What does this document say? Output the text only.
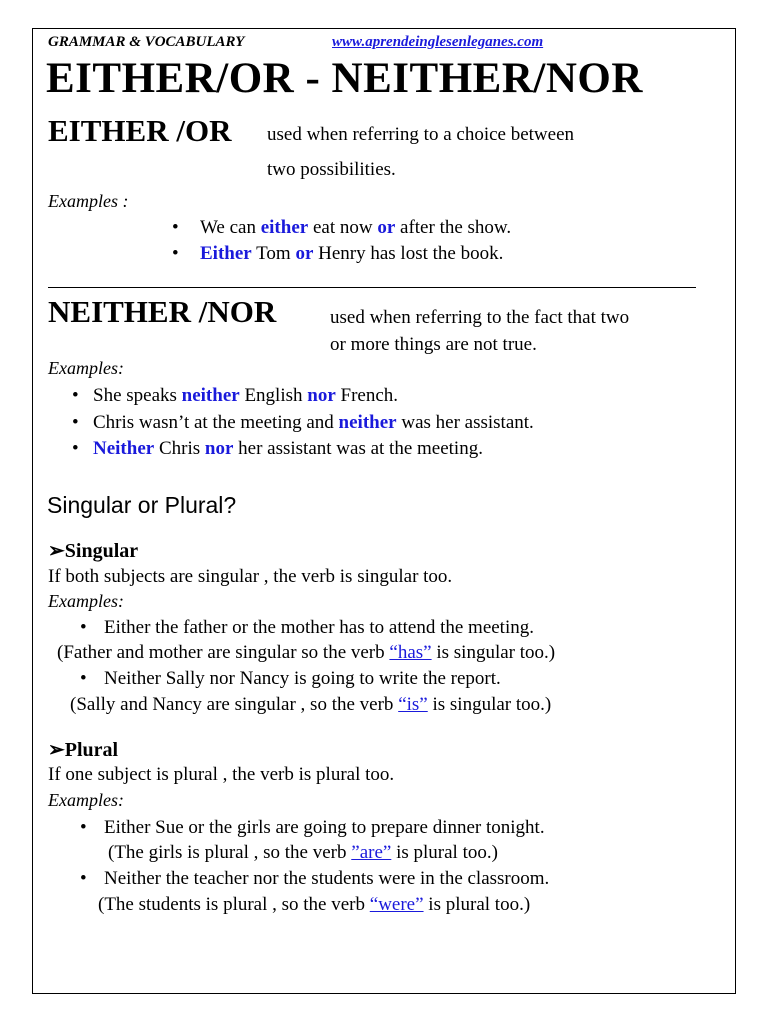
GRAMMAR & VOCABULARY	www.aprendeinglesenleganes.com
EITHER/OR - NEITHER/NOR
EITHER /OR used when referring to a choice between
two possibilities.
Examples :
• We can either eat now or after the show.
• Either Tom or Henry has lost the book.
NEITHER /NOR	used when referring to the fact that two
or more things are not true.
Examples:
• She speaks neither English nor French.
• Chris wasn’t at the meeting and neither was her assistant.
• Neither Chris nor her assistant was at the meeting.
Singular or Plural?
➢Singular
If both subjects are singular , the verb is singular too.
Examples:
• Either the father or the mother has to attend the meeting.
(Father and mother are singular so the verb “has” is singular too.)
• Neither Sally nor Nancy is going to write the report.
(Sally and Nancy are singular , so the verb “is” is singular too.)
➢Plural
If one subject is plural , the verb is plural too.
Examples:
• Either Sue or the girls are going to prepare dinner tonight.
(The girls is plural , so the verb ”are” is plural too.)
• Neither the teacher nor the students were in the classroom.
(The students is plural , so the verb “were” is plural too.)
